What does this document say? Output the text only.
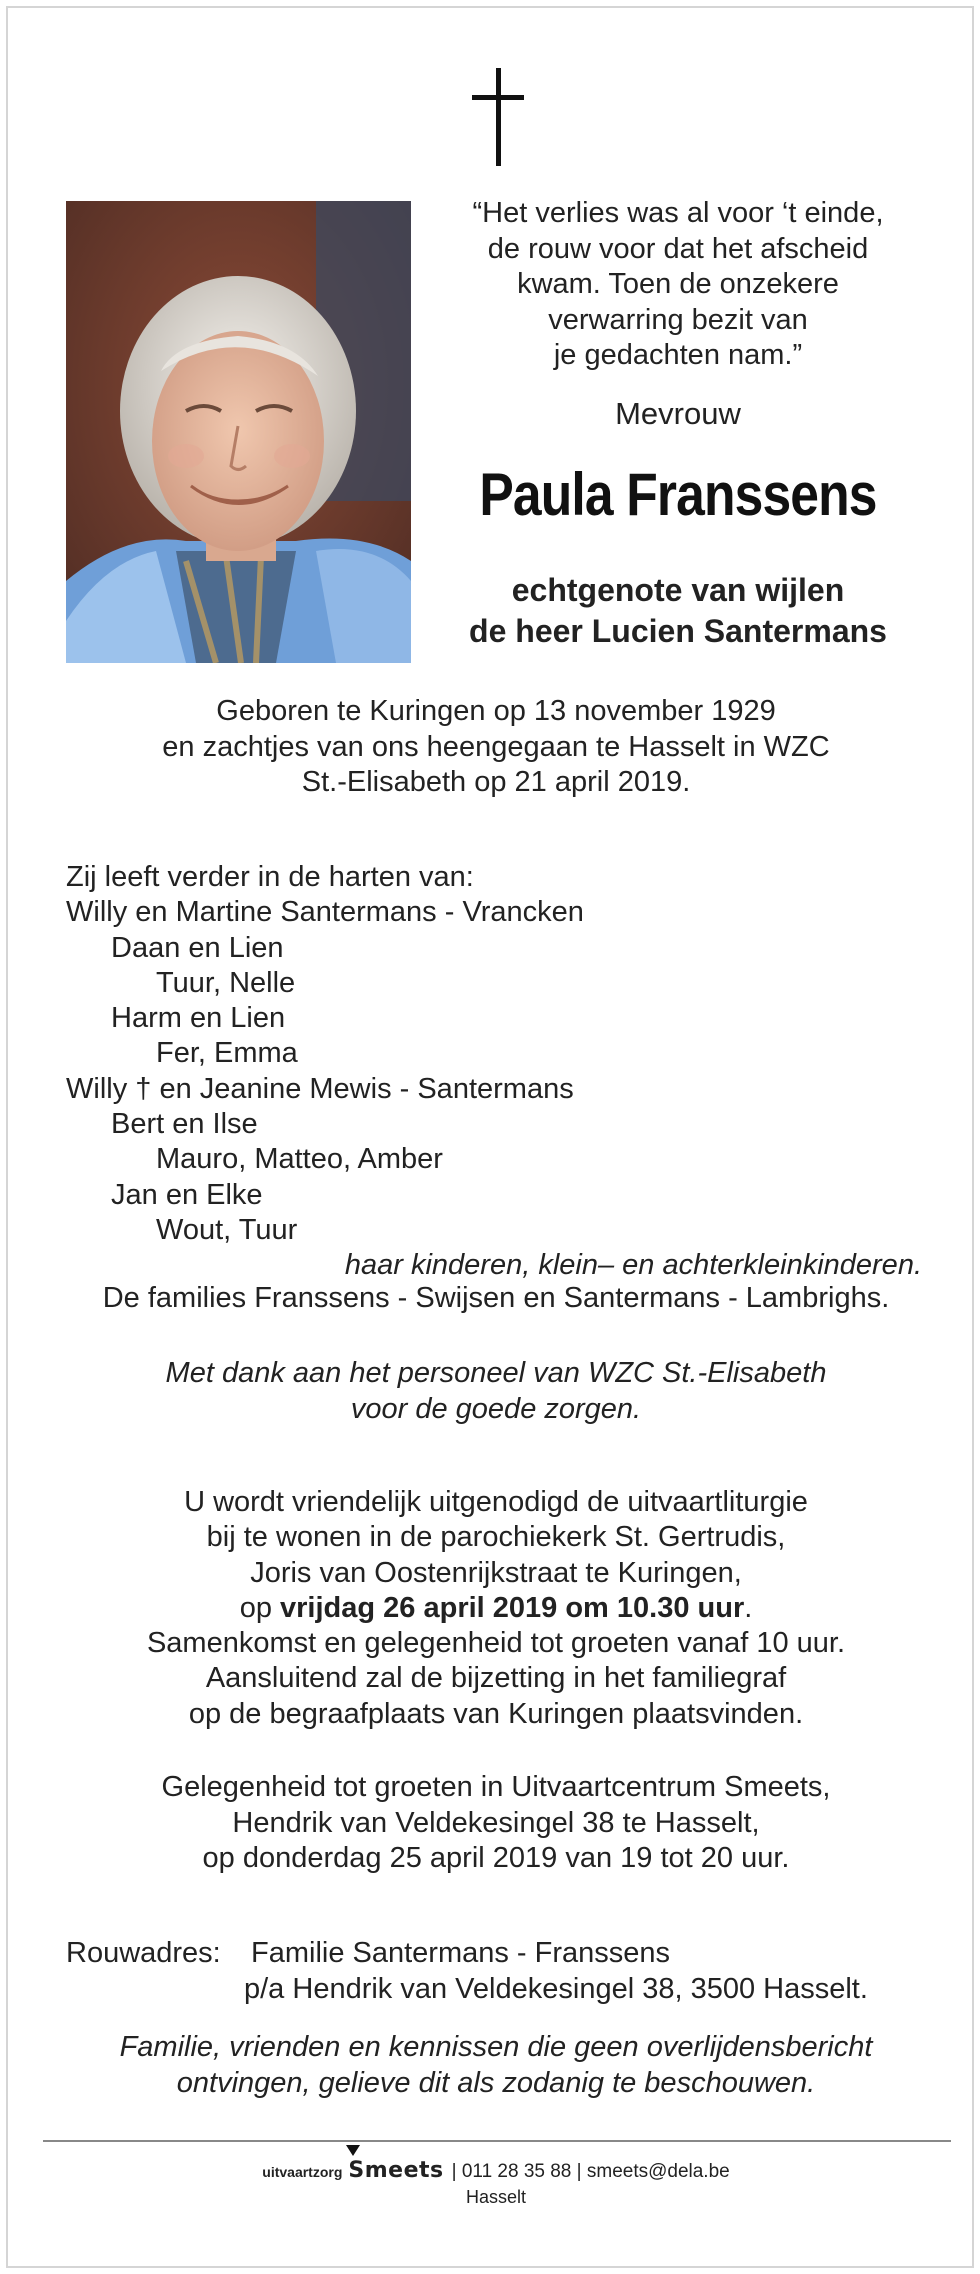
“Het verlies was al voor ‘t einde,
de rouw voor dat het afscheid
kwam. Toen de onzekere
verwarring bezit van
je gedachten nam.”
Mevrouw
Paula Franssens
echtgenote van wijlen
de heer Lucien Santermans
Geboren te Kuringen op 13 november 1929
en zachtjes van ons heengegaan te Hasselt in WZC
St.-Elisabeth op 21 april 2019.
Zij leeft verder in de harten van:
Willy en Martine Santermans - Vrancken
Daan en Lien
Tuur, Nelle
Harm en Lien
Fer, Emma
Willy † en Jeanine Mewis - Santermans
Bert en Ilse
Mauro, Matteo, Amber
Jan en Elke
Wout, Tuur
haar kinderen, klein– en achterkleinkinderen.
De families Franssens - Swijsen en Santermans - Lambrighs.
Met dank aan het personeel van WZC St.-Elisabeth
voor de goede zorgen.
U wordt vriendelijk uitgenodigd de uitvaartliturgie
bij te wonen in de parochiekerk St. Gertrudis,
Joris van Oostenrijkstraat te Kuringen,
op vrijdag 26 april 2019 om 10.30 uur.
Samenkomst en gelegenheid tot groeten vanaf 10 uur.
Aansluitend zal de bijzetting in het familiegraf
op de begraafplaats van Kuringen plaatsvinden.
Gelegenheid tot groeten in Uitvaartcentrum Smeets,
Hendrik van Veldekesingel 38 te Hasselt,
op donderdag 25 april 2019 van 19 tot 20 uur.
Rouwadres:	Familie Santermans - Franssens
p/a Hendrik van Veldekesingel 38, 3500 Hasselt.
Familie, vrienden en kennissen die geen overlijdensbericht
ontvingen, gelieve dit als zodanig te beschouwen.
uitvaartzorg Smeets | 011 28 35 88 | smeets@dela.be
Hasselt
